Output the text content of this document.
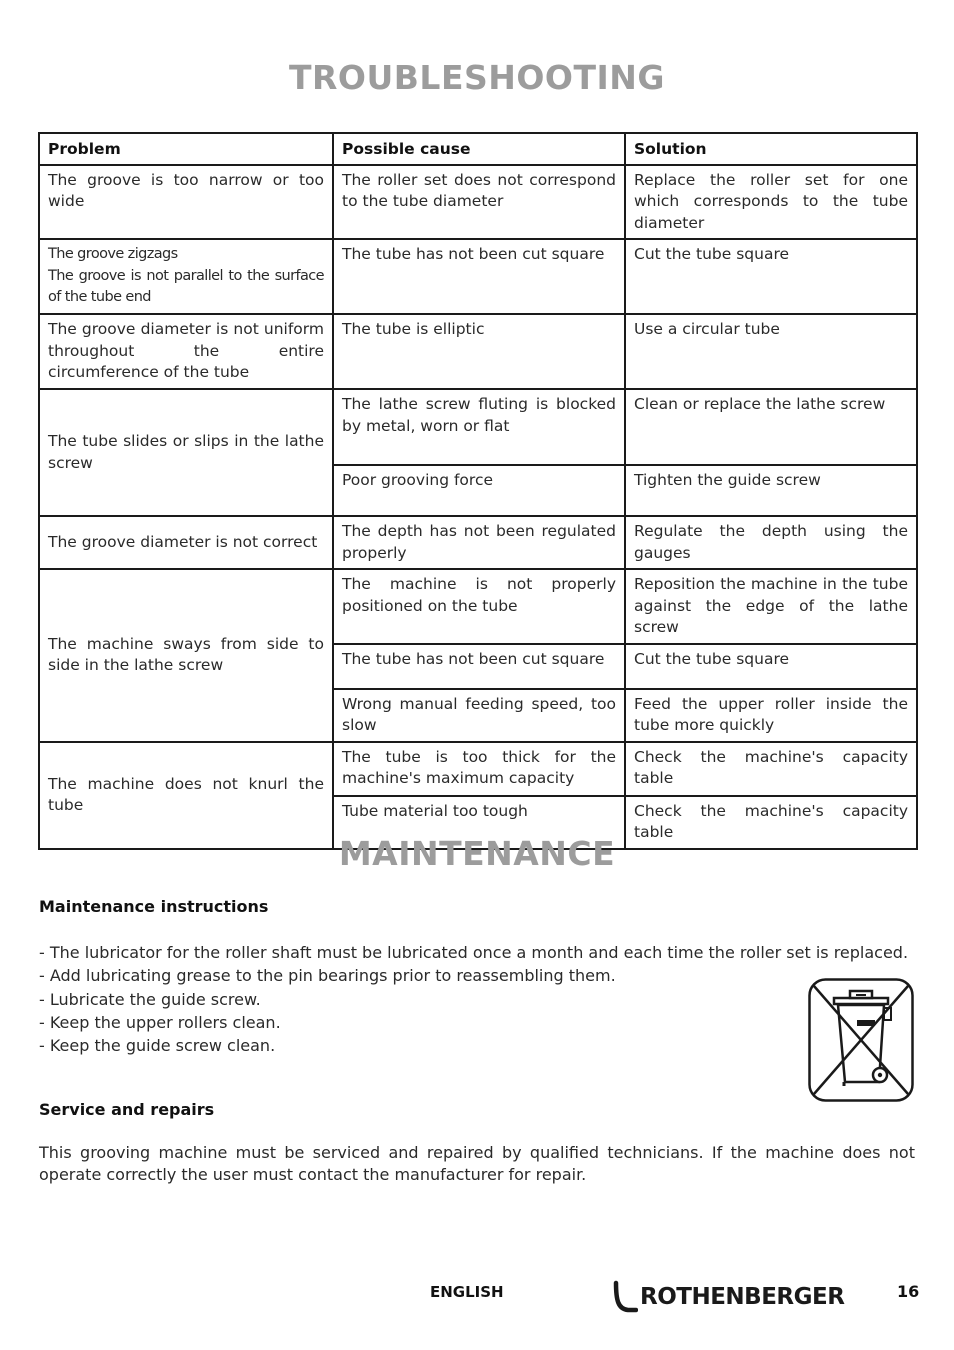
TROUBLESHOOTING
Problem	Possible cause	Solution
The groove is too narrow or too wide	The roller set does not correspond to the tube diameter	Replace the roller set for one which corresponds to the tube diameter

The groove zigzags
The groove is not parallel to the surface of the tube end	The tube has not been cut square	Cut the tube square
The groove diameter is not uniform throughout the entire circumference of the tube	The tube is elliptic	Use a circular tube
The tube slides or slips in the lathe screw	The lathe screw fluting is blocked by metal, worn or flat	Clean or replace the lathe screw
	Poor grooving force	Tighten the guide screw
The groove diameter is not correct	The depth has not been regulated properly	Regulate the depth using the gauges
The machine sways from side to side in the lathe screw	The machine is not properly positioned on the tube	Reposition the machine in the tube against the edge of the lathe screw
	The tube has not been cut square	Cut the tube square
	Wrong manual feeding speed, too slow	Feed the upper roller inside the tube more quickly
The machine does not knurl the tube	The tube is too thick for the machine's maximum capacity	Check the machine's capacity table
	Tube material too tough	Check the machine's capacity table
MAINTENANCE
Maintenance instructions
- The lubricator for the roller shaft must be lubricated once a month and each time the roller set is replaced.
- Add lubricating grease to the pin bearings prior to reassembling them.
- Lubricate the guide screw.
- Keep the upper rollers clean.
- Keep the guide screw clean.
Service and repairs

This grooving machine must be serviced and repaired by qualified technicians. If the machine does not operate correctly the user must contact the manufacturer for repair.

ENGLISH	ROTHENBERGER	16
